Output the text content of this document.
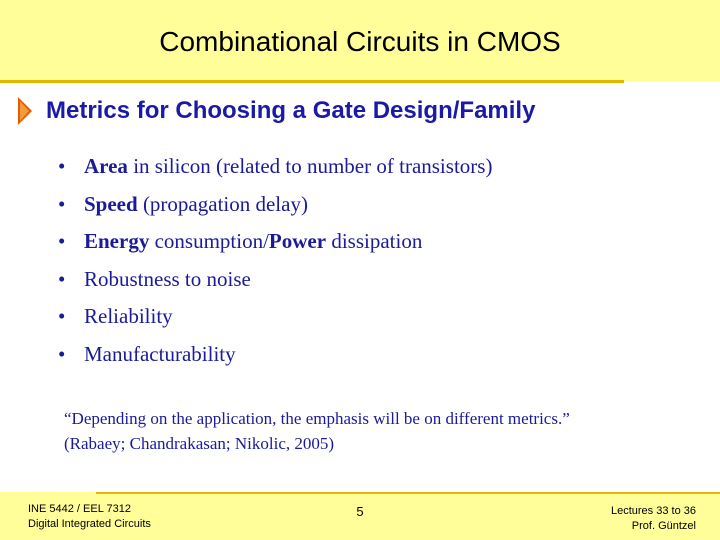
Combinational Circuits in CMOS
Metrics for Choosing a Gate Design/Family
• Area in silicon (related to number of transistors)
• Speed (propagation delay)
• Energy consumption/Power dissipation
• Robustness to noise
• Reliability
• Manufacturability
“Depending on the application, the emphasis will be on different metrics.”
(Rabaey; Chandrakasan; Nikolic, 2005)
INE 5442 / EEL 7312
Digital Integrated Circuits
5	Lectures 33 to 36
Prof. Güntzel
